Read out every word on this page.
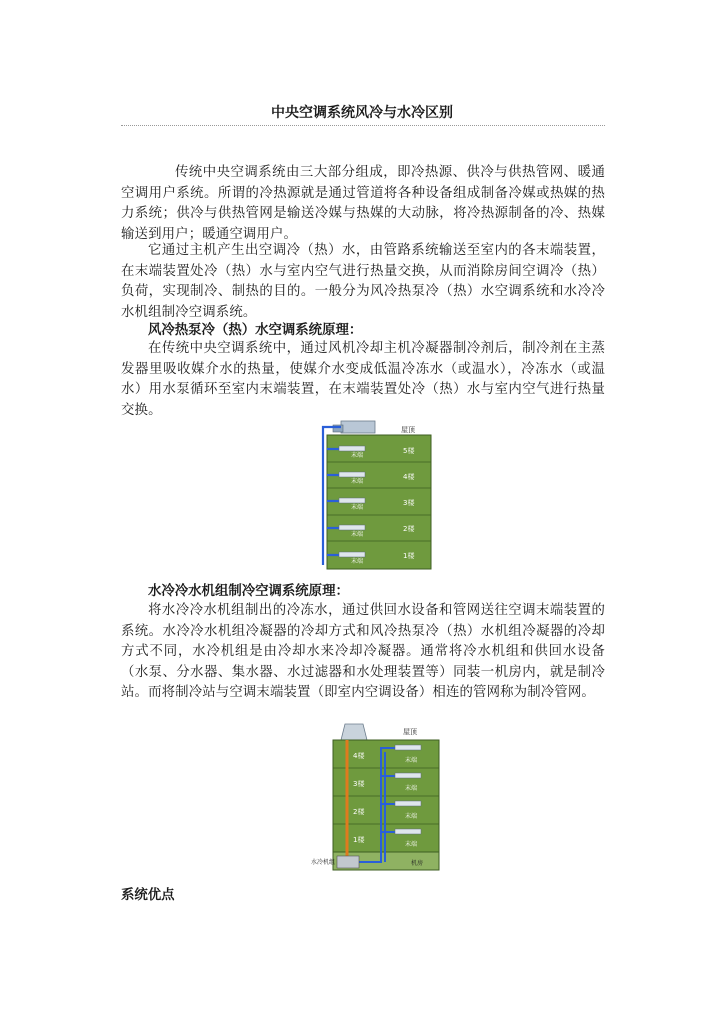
中央空调系统风冷与水冷区别
传统中央空调系统由三大部分组成，即冷热源、供冷与供热管网、暖通空调用户系统。所谓的冷热源就是通过管道将各种设备组成制备冷媒或热媒的热力系统；供冷与供热管网是输送冷媒与热媒的大动脉，将冷热源制备的冷、热媒输送到用户；暖通空调用户。
它通过主机产生出空调冷（热）水，由管路系统输送至室内的各末端装置，在末端装置处冷（热）水与室内空气进行热量交换，从而消除房间空调冷（热）负荷，实现制冷、制热的目的。一般分为风冷热泵冷（热）水空调系统和水冷冷水机组制冷空调系统。
风冷热泵冷（热）水空调系统原理：
在传统中央空调系统中，通过风机冷却主机冷凝器制冷剂后，制冷剂在主蒸发器里吸收媒介水的热量，使媒介水变成低温冷冻水（或温水），冷冻水（或温水）用水泵循环至室内末端装置，在末端装置处冷（热）水与室内空气进行热量交换。
屋顶
5楼
4楼
3楼
2楼
1楼
末端
末端
末端
末端
末端
水冷冷水机组制冷空调系统原理：
将水冷冷水机组制出的冷冻水，通过供回水设备和管网送往空调末端装置的系统。水冷冷水机组冷凝器的冷却方式和风冷热泵冷（热）水机组冷凝器的冷却方式不同，水冷机组是由冷却水来冷却冷凝器。通常将冷水机组和供回水设备（水泵、分水器、集水器、水过滤器和水处理装置等）同装一机房内，就是制冷站。而将制冷站与空调末端装置（即室内空调设备）相连的管网称为制冷管网。
屋顶
水冷机组	机房
4楼
3楼
2楼
1楼
末端
末端
末端
末端
系统优点
